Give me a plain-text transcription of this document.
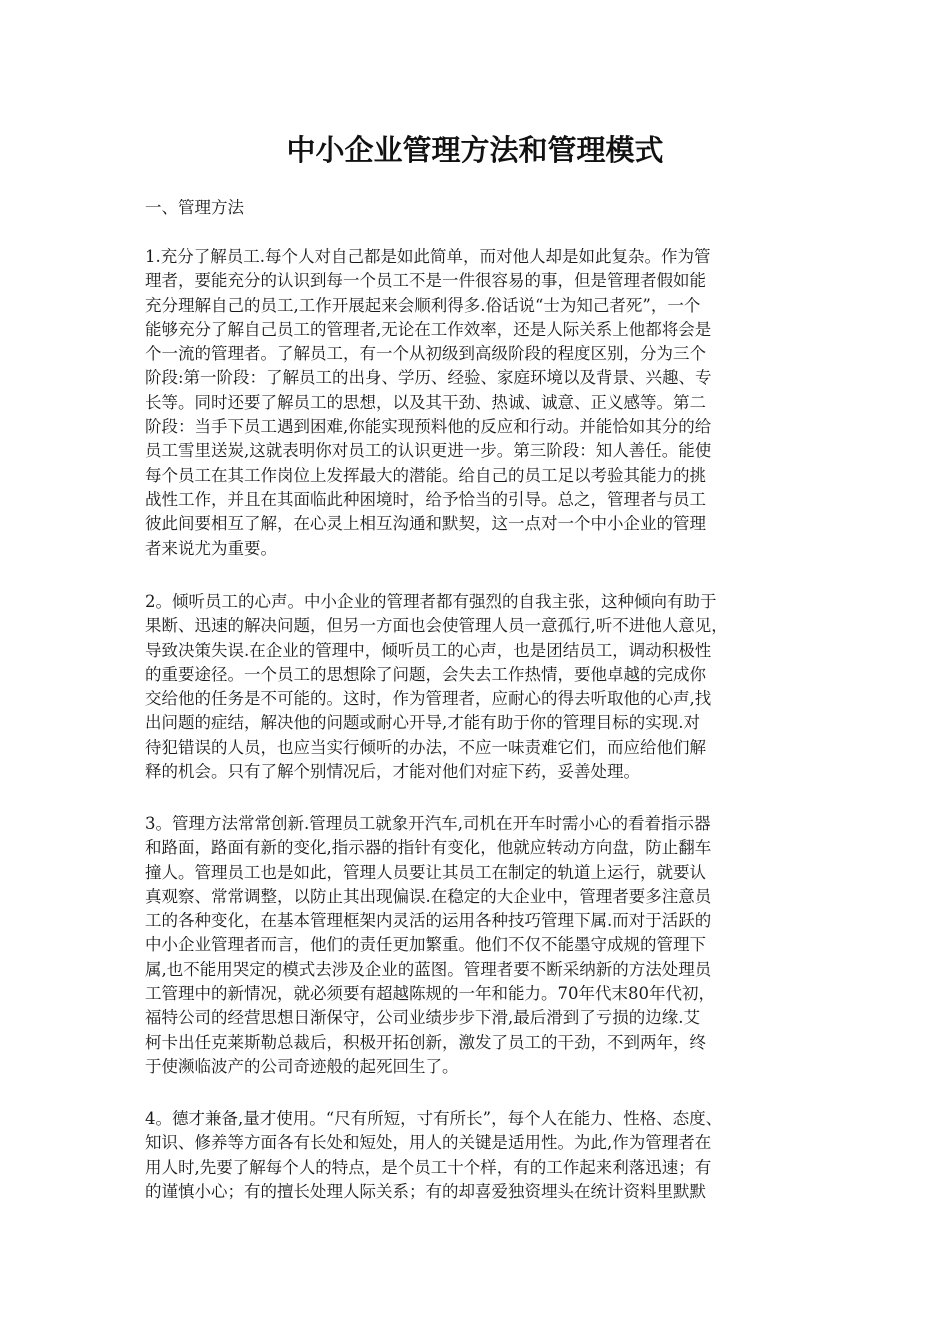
中小企业管理方法和管理模式

一、管理方法

1.充分了解员工.每个人对自己都是如此简单，而对他人却是如此复杂。作为管
理者，要能充分的认识到每一个员工不是一件很容易的事，但是管理者假如能
充分理解自己的员工,工作开展起来会顺利得多.俗话说“士为知己者死”，一个
能够充分了解自己员工的管理者,无论在工作效率，还是人际关系上他都将会是
个一流的管理者。了解员工，有一个从初级到高级阶段的程度区别，分为三个
阶段:第一阶段：了解员工的出身、学历、经验、家庭环境以及背景、兴趣、专
长等。同时还要了解员工的思想，以及其干劲、热诚、诚意、正义感等。第二
阶段：当手下员工遇到困难,你能实现预料他的反应和行动。并能恰如其分的给
员工雪里送炭,这就表明你对员工的认识更进一步。第三阶段：知人善任。能使
每个员工在其工作岗位上发挥最大的潜能。给自己的员工足以考验其能力的挑
战性工作，并且在其面临此种困境时，给予恰当的引导。总之，管理者与员工
彼此间要相互了解，在心灵上相互沟通和默契，这一点对一个中小企业的管理
者来说尤为重要。

2。倾听员工的心声。中小企业的管理者都有强烈的自我主张，这种倾向有助于
果断、迅速的解决问题，但另一方面也会使管理人员一意孤行,听不进他人意见，
导致决策失误.在企业的管理中，倾听员工的心声，也是团结员工，调动积极性
的重要途径。一个员工的思想除了问题，会失去工作热情，要他卓越的完成你
交给他的任务是不可能的。这时，作为管理者，应耐心的得去听取他的心声,找
出问题的症结，解决他的问题或耐心开导,才能有助于你的管理目标的实现.对
待犯错误的人员，也应当实行倾听的办法，不应一味责难它们，而应给他们解
释的机会。只有了解个别情况后，才能对他们对症下药，妥善处理。

3。管理方法常常创新.管理员工就象开汽车,司机在开车时需小心的看着指示器
和路面，路面有新的变化,指示器的指针有变化，他就应转动方向盘，防止翻车
撞人。管理员工也是如此，管理人员要让其员工在制定的轨道上运行，就要认
真观察、常常调整，以防止其出现偏误.在稳定的大企业中，管理者要多注意员
工的各种变化，在基本管理框架内灵活的运用各种技巧管理下属.而对于活跃的
中小企业管理者而言，他们的责任更加繁重。他们不仅不能墨守成规的管理下
属,也不能用哭定的模式去涉及企业的蓝图。管理者要不断采纳新的方法处理员
工管理中的新情况，就必须要有超越陈规的一年和能力。70年代末80年代初，
福特公司的经营思想日渐保守，公司业绩步步下滑,最后滑到了亏损的边缘.艾
柯卡出任克莱斯勒总裁后，积极开拓创新，激发了员工的干劲，不到两年，终
于使濒临波产的公司奇迹般的起死回生了。

4。德才兼备,量才使用。“尺有所短，寸有所长”，每个人在能力、性格、态度、
知识、修养等方面各有长处和短处，用人的关键是适用性。为此,作为管理者在
用人时,先要了解每个人的特点，是个员工十个样，有的工作起来利落迅速；有
的谨慎小心；有的擅长处理人际关系；有的却喜爱独资埋头在统计资料里默默
